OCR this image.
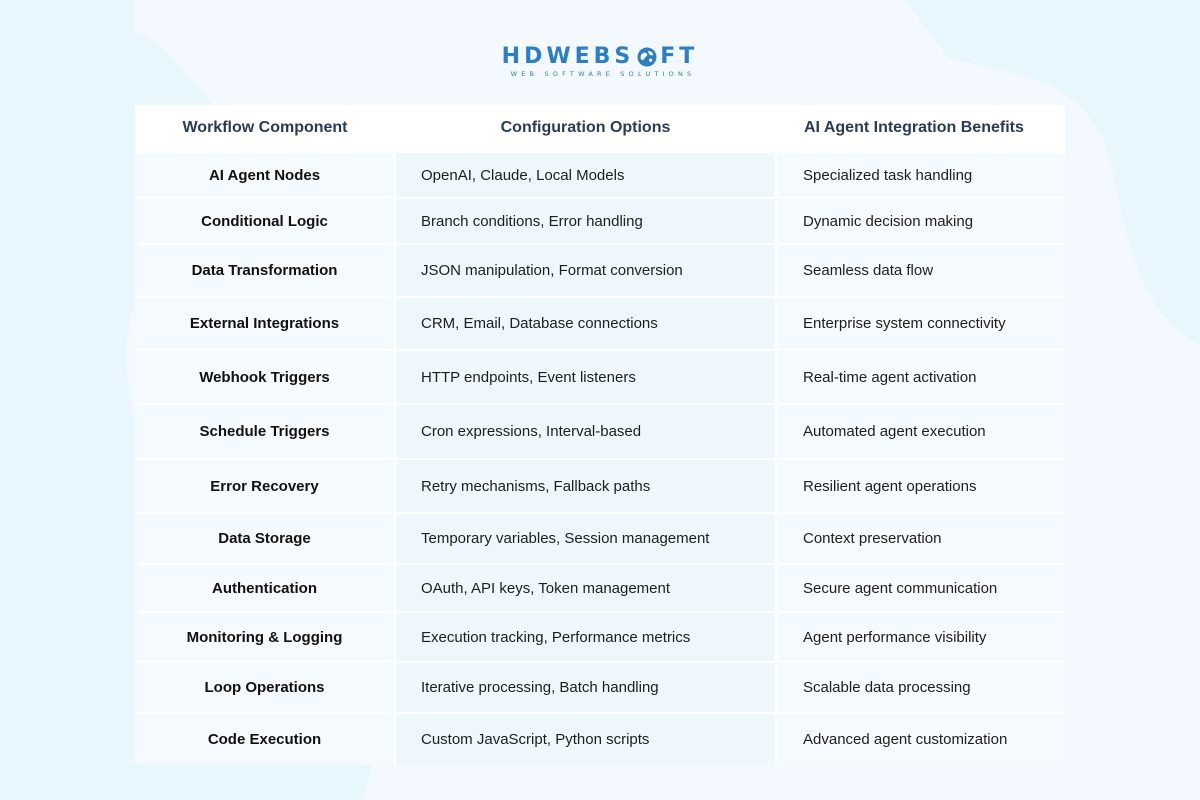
HDWEBS FT
WEB SOFTWARE SOLUTIONS
Workflow Component	Configuration Options	AI Agent Integration Benefits
AI Agent Nodes	OpenAI, Claude, Local Models	Specialized task handling
Conditional Logic	Branch conditions, Error handling	Dynamic decision making
Data Transformation	JSON manipulation, Format conversion	Seamless data flow
External Integrations	CRM, Email, Database connections	Enterprise system connectivity
Webhook Triggers	HTTP endpoints, Event listeners	Real-time agent activation
Schedule Triggers	Cron expressions, Interval-based	Automated agent execution
Error Recovery	Retry mechanisms, Fallback paths	Resilient agent operations
Data Storage	Temporary variables, Session management	Context preservation
Authentication	OAuth, API keys, Token management	Secure agent communication
Monitoring & Logging	Execution tracking, Performance metrics	Agent performance visibility
Loop Operations	Iterative processing, Batch handling	Scalable data processing
Code Execution	Custom JavaScript, Python scripts	Advanced agent customization
